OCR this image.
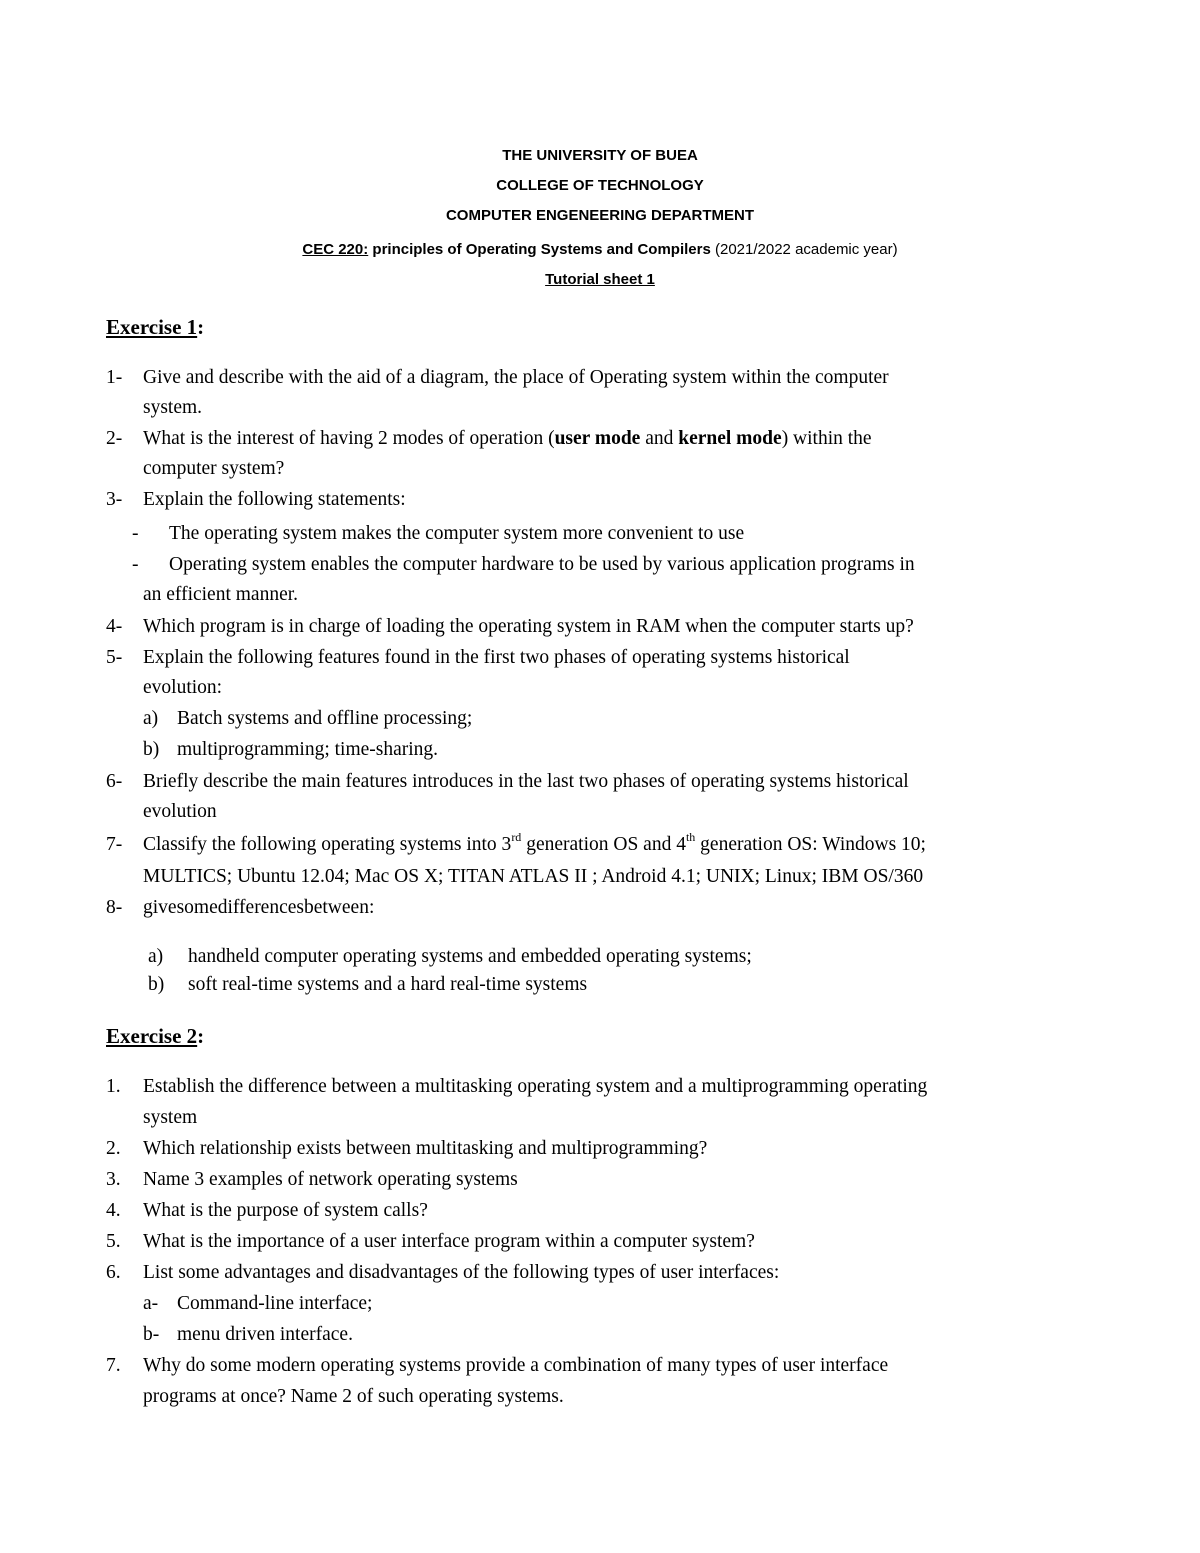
THE UNIVERSITY OF BUEA
COLLEGE OF TECHNOLOGY
COMPUTER ENGENEERING DEPARTMENT
CEC 220: principles of Operating Systems and Compilers (2021/2022 academic year)
Tutorial sheet 1
Exercise 1:
1- Give and describe with the aid of a diagram, the place of Operating system within the computer
system.
2- What is the interest of having 2 modes of operation (user mode and kernel mode) within the
computer system?
3- Explain the following statements:
- The operating system makes the computer system more convenient to use
- Operating system enables the computer hardware to be used by various application programs in
an efficient manner.
4- Which program is in charge of loading the operating system in RAM when the computer starts up?
5- Explain the following features found in the first two phases of operating systems historical
evolution:
a) Batch systems and offline processing;
b) multiprogramming; time-sharing.
6- Briefly describe the main features introduces in the last two phases of operating systems historical
evolution
7- Classify the following operating systems into 3rd generation OS and 4th generation OS: Windows 10;
MULTICS; Ubuntu 12.04; Mac OS X; TITAN ATLAS II ; Android 4.1; UNIX; Linux; IBM OS/360
8- givesomedifferencesbetween:
a) handheld computer operating systems and embedded operating systems;
b) soft real-time systems and a hard real-time systems
Exercise 2:
1. Establish the difference between a multitasking operating system and a multiprogramming operating
system
2. Which relationship exists between multitasking and multiprogramming?
3. Name 3 examples of network operating systems
4. What is the purpose of system calls?
5. What is the importance of a user interface program within a computer system?
6. List some advantages and disadvantages of the following types of user interfaces:
a- Command-line interface;
b- menu driven interface.
7. Why do some modern operating systems provide a combination of many types of user interface
programs at once? Name 2 of such operating systems.
